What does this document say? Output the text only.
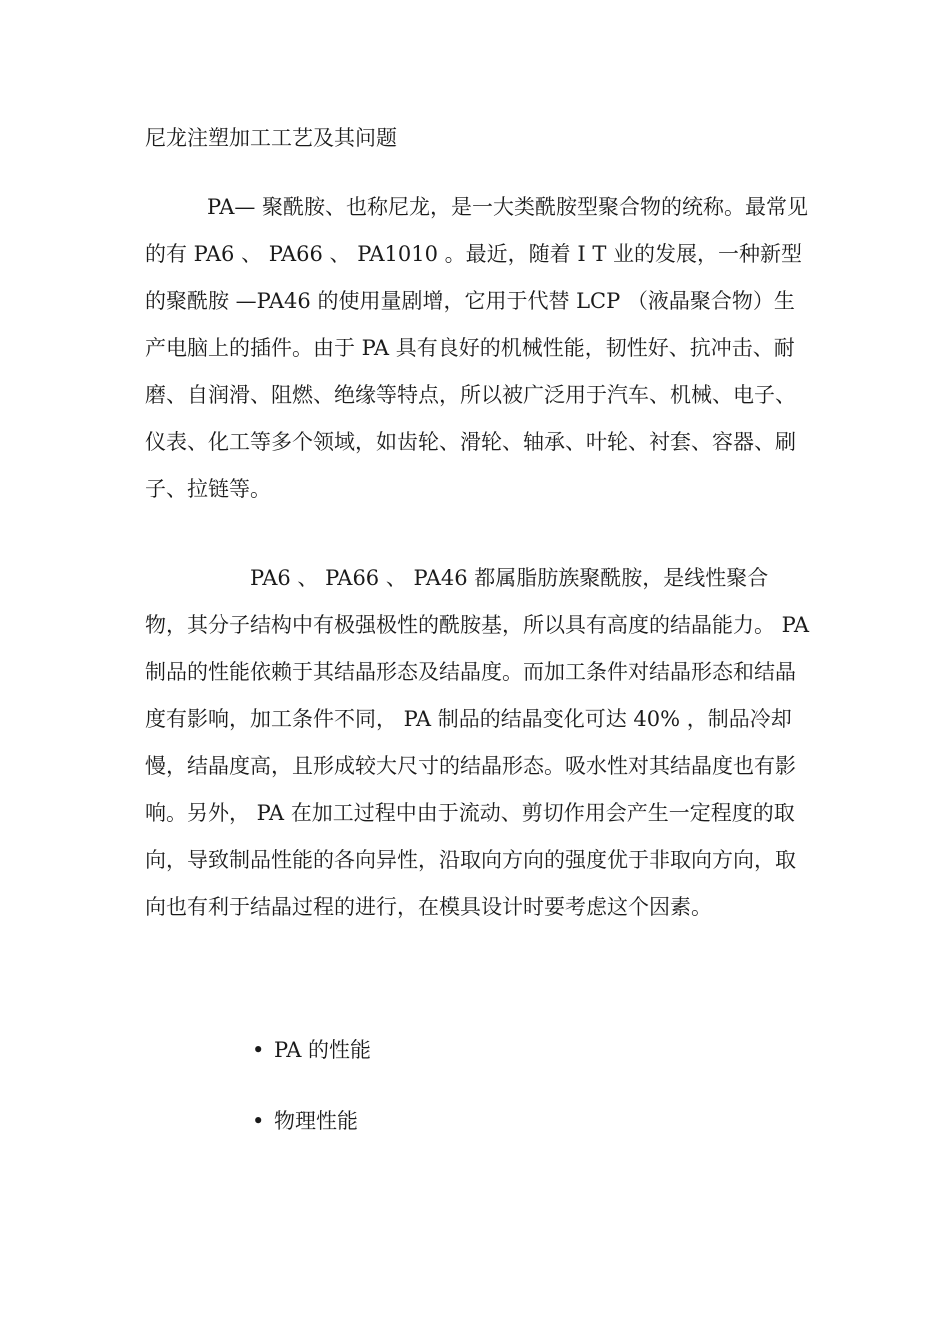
尼龙注塑加工工艺及其问题

PA— 聚酰胺、也称尼龙，是一大类酰胺型聚合物的统称。最常见的有 PA6 、 PA66 、 PA1010 。最近，随着 I T 业的发展，一种新型的聚酰胺 —PA46 的使用量剧增，它用于代替 LCP （液晶聚合物）生产电脑上的插件。由于 PA 具有良好的机械性能，韧性好、抗冲击、耐磨、自润滑、阻燃、绝缘等特点，所以被广泛用于汽车、机械、电子、仪表、化工等多个领域，如齿轮、滑轮、轴承、叶轮、衬套、容器、刷子、拉链等。

PA6 、 PA66 、 PA46 都属脂肪族聚酰胺，是线性聚合物，其分子结构中有极强极性的酰胺基，所以具有高度的结晶能力。 PA 制品的性能依赖于其结晶形态及结晶度。而加工条件对结晶形态和结晶度有影响，加工条件不同， PA 制品的结晶变化可达 40% ，制品冷却慢，结晶度高，且形成较大尺寸的结晶形态。吸水性对其结晶度也有影响。另外， PA 在加工过程中由于流动、剪切作用会产生一定程度的取向，导致制品性能的各向异性，沿取向方向的强度优于非取向方向，取向也有利于结晶过程的进行，在模具设计时要考虑这个因素。

• PA 的性能
• 物理性能
